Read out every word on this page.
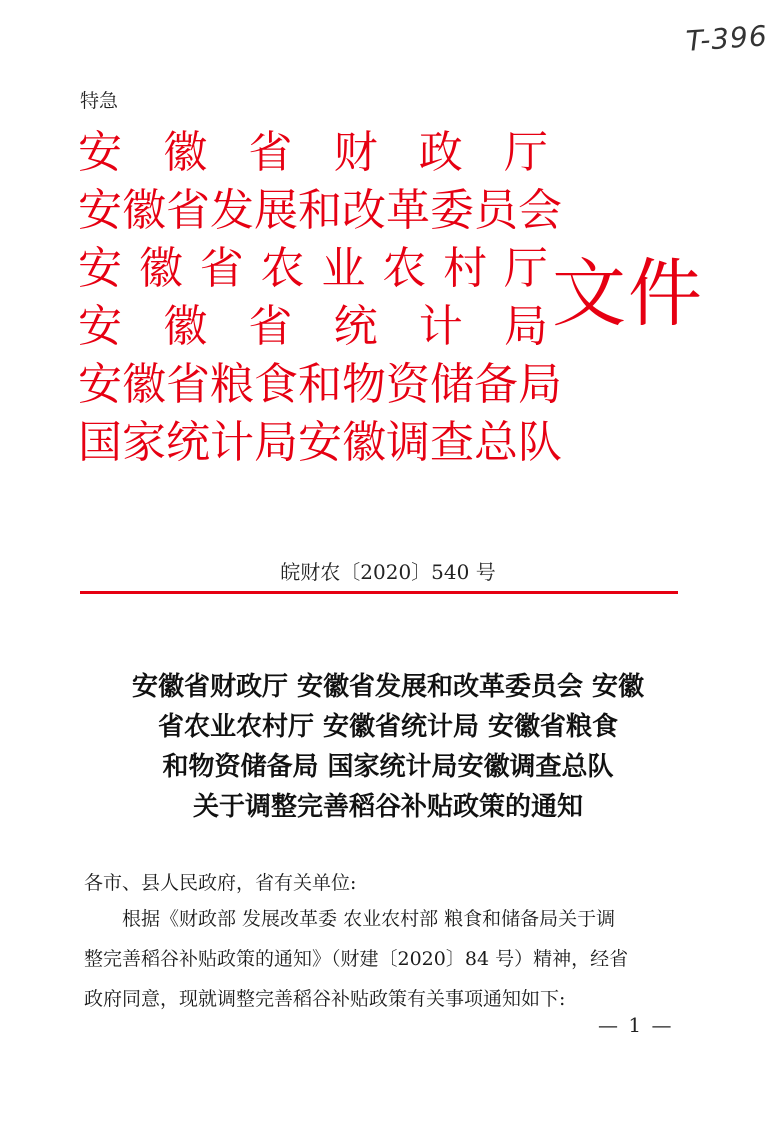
T-396
特急
安 徽 省 财 政 厅
安 徽 省 发 展 和 改 革 委 员 会
安 徽 省 农 业 农 村 厅
安 徽 省 统 计 局
安 徽 省 粮 食 和 物 资 储 备 局
国 家 统 计 局 安 徽 调 查 总 队
文件
皖财农〔2020〕540 号
安徽省财政厅 安徽省发展和改革委员会 安徽
省农业农村厅 安徽省统计局 安徽省粮食
和物资储备局 国家统计局安徽调查总队
关于调整完善稻谷补贴政策的通知
各市、县人民政府，省有关单位:
根据《财政部 发展改革委 农业农村部 粮食和储备局关于调
整完善稻谷补贴政策的通知》（财建〔2020〕84 号）精神，经省
政府同意，现就调整完善稻谷补贴政策有关事项通知如下:
— 1 —
